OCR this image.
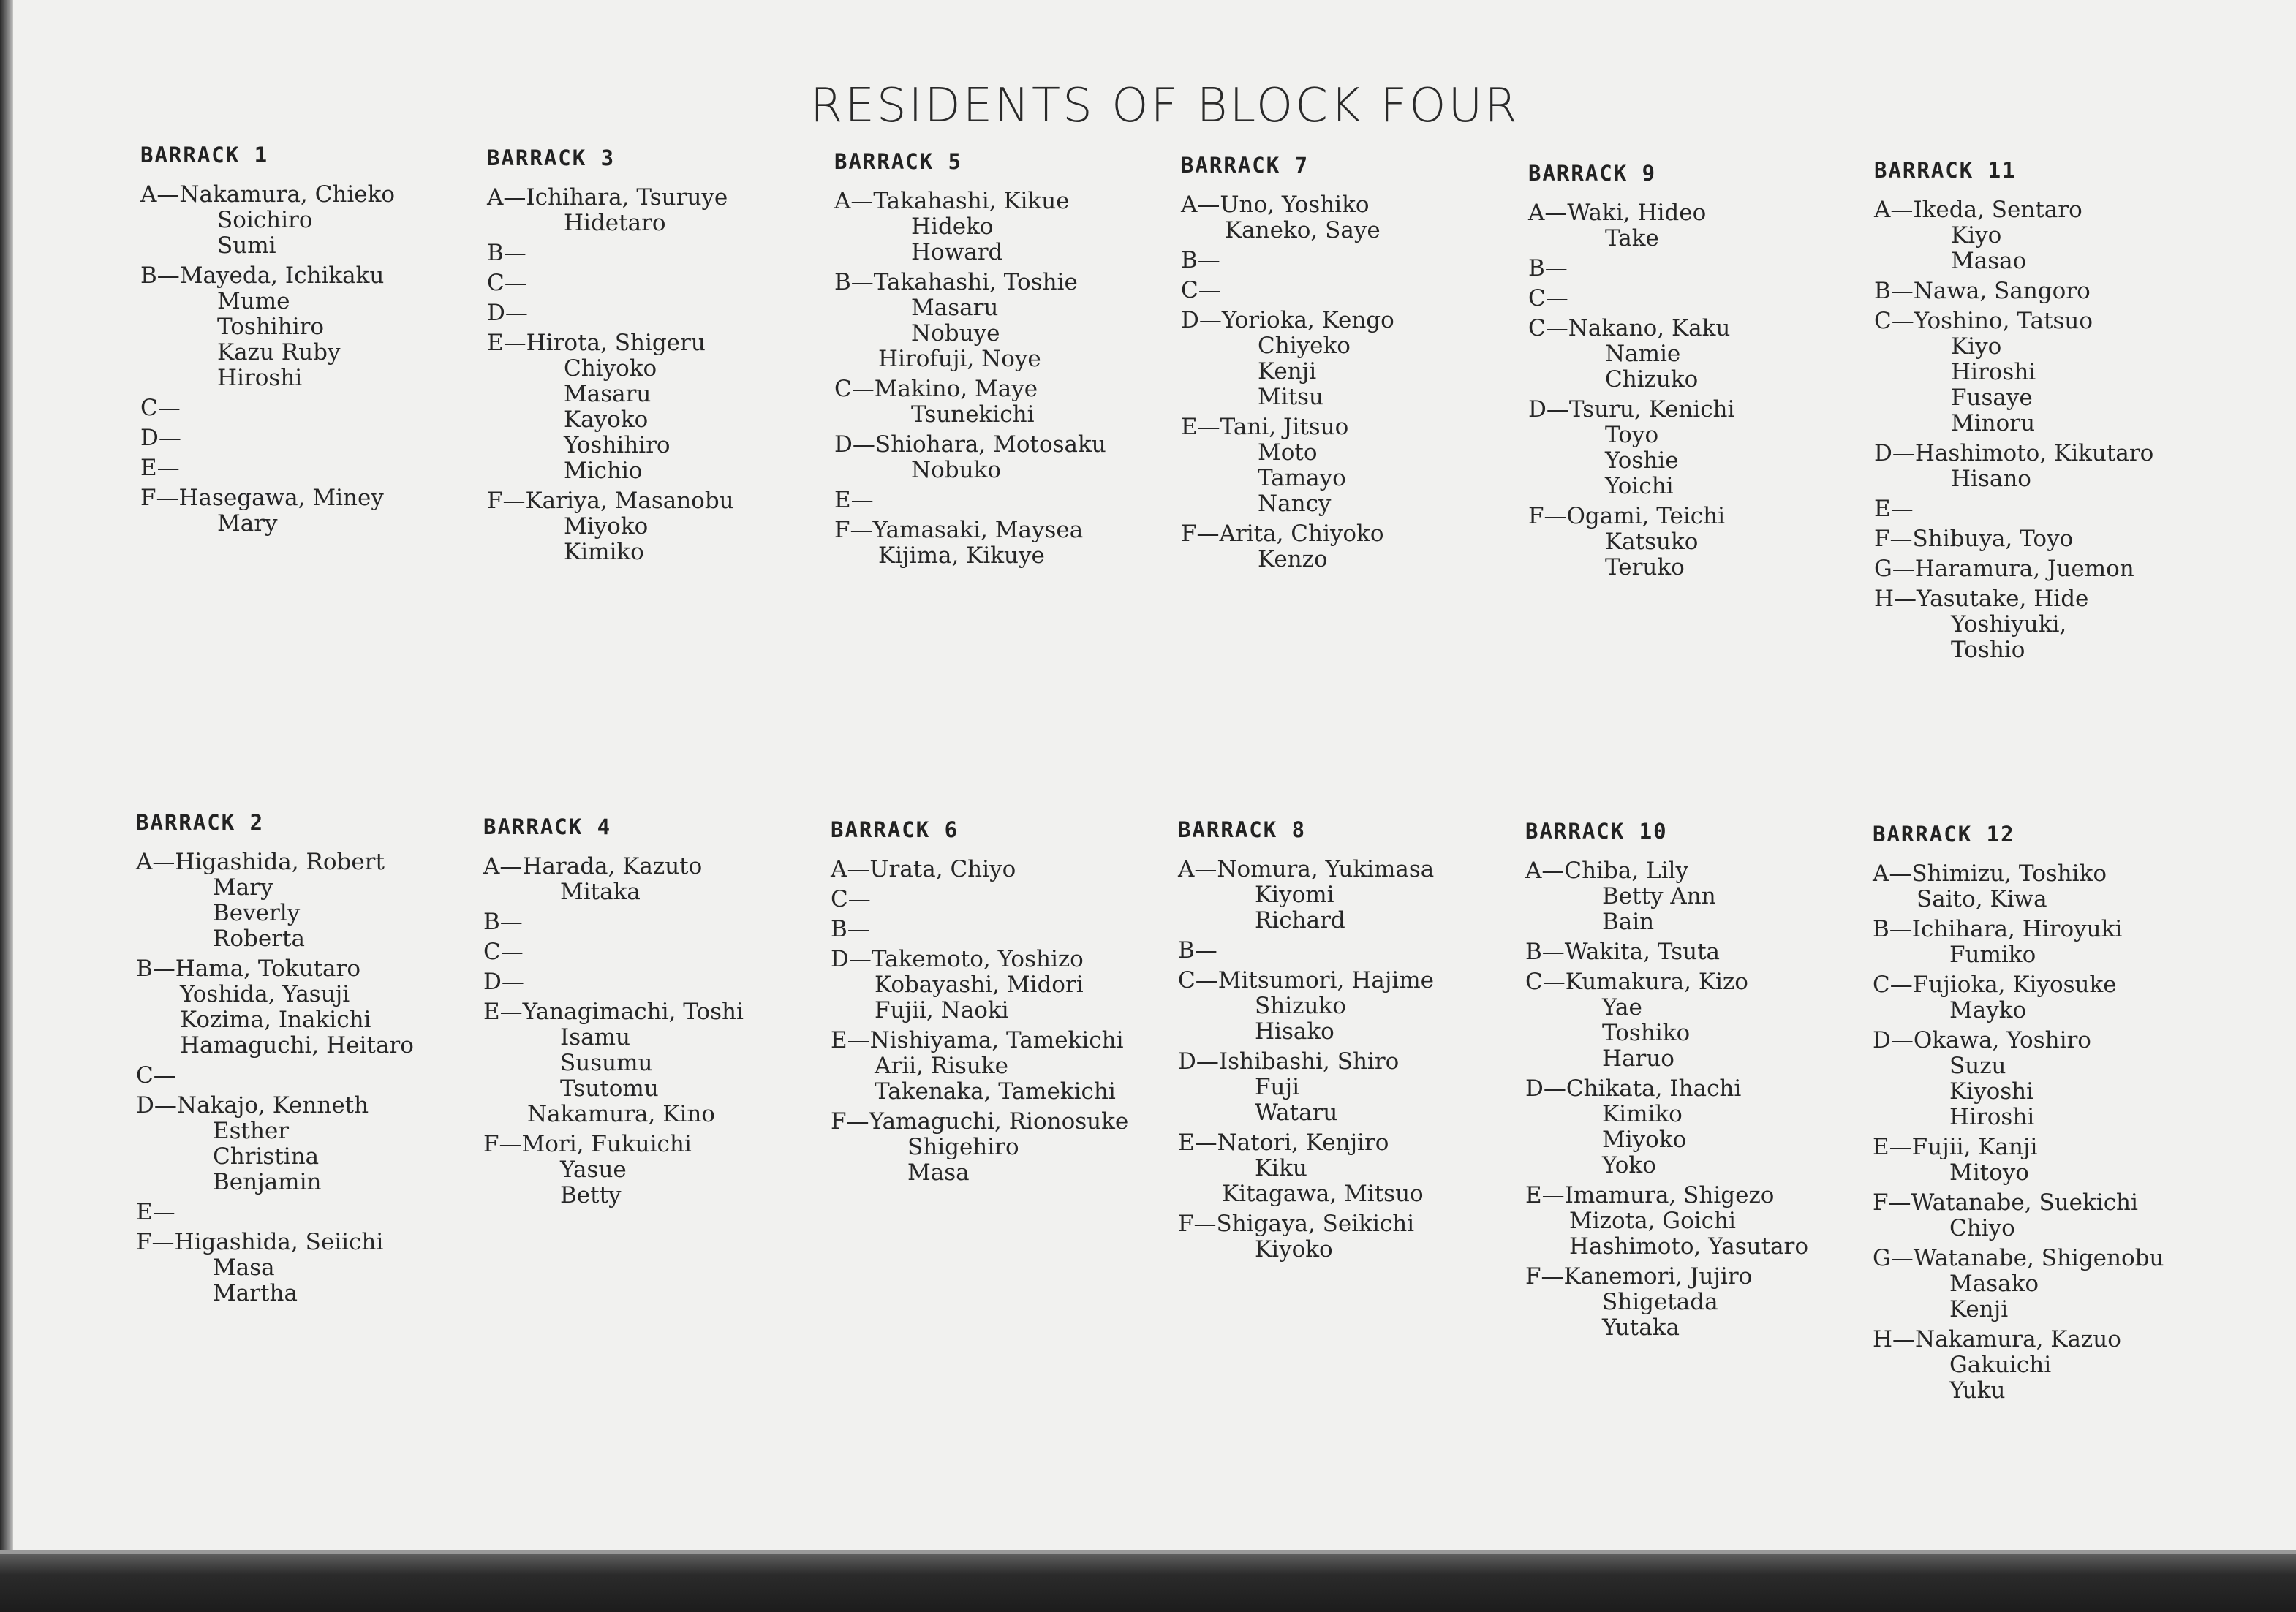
RESIDENTS OF BLOCK FOUR
BARRACK 1
A—Nakamura, Chieko
Soichiro
Sumi
B—Mayeda, Ichikaku
Mume
Toshihiro
Kazu Ruby
Hiroshi
C—
D—
E—
F—Hasegawa, Miney
Mary
BARRACK 3
A—Ichihara, Tsuruye
Hidetaro
B—
C—
D—
E—Hirota, Shigeru
Chiyoko
Masaru
Kayoko
Yoshihiro
Michio
F—Kariya, Masanobu
Miyoko
Kimiko
BARRACK 5
A—Takahashi, Kikue
Hideko
Howard
B—Takahashi, Toshie
Masaru
Nobuye
Hirofuji, Noye
C—Makino, Maye
Tsunekichi
D—Shiohara, Motosaku
Nobuko
E—
F—Yamasaki, Maysea
Kijima, Kikuye
BARRACK 7
A—Uno, Yoshiko
Kaneko, Saye
B—
C—
D—Yorioka, Kengo
Chiyeko
Kenji
Mitsu
E—Tani, Jitsuo
Moto
Tamayo
Nancy
F—Arita, Chiyoko
Kenzo
BARRACK 9
A—Waki, Hideo
Take
B—
C—
C—Nakano, Kaku
Namie
Chizuko
D—Tsuru, Kenichi
Toyo
Yoshie
Yoichi
F—Ogami, Teichi
Katsuko
Teruko
BARRACK 11
A—Ikeda, Sentaro
Kiyo
Masao
B—Nawa, Sangoro
C—Yoshino, Tatsuo
Kiyo
Hiroshi
Fusaye
Minoru
D—Hashimoto, Kikutaro
Hisano
E—
F—Shibuya, Toyo
G—Haramura, Juemon
H—Yasutake, Hide
Yoshiyuki,
Toshio
BARRACK 2
A—Higashida, Robert
Mary
Beverly
Roberta
B—Hama, Tokutaro
Yoshida, Yasuji
Kozima, Inakichi
Hamaguchi, Heitaro
C—
D—Nakajo, Kenneth
Esther
Christina
Benjamin
E—
F—Higashida, Seiichi
Masa
Martha
BARRACK 4
A—Harada, Kazuto
Mitaka
B—
C—
D—
E—Yanagimachi, Toshi
Isamu
Susumu
Tsutomu
Nakamura, Kino
F—Mori, Fukuichi
Yasue
Betty
BARRACK 6
A—Urata, Chiyo
C—
B—
D—Takemoto, Yoshizo
Kobayashi, Midori
Fujii, Naoki
E—Nishiyama, Tamekichi
Arii, Risuke
Takenaka, Tamekichi
F—Yamaguchi, Rionosuke
Shigehiro
Masa
BARRACK 8
A—Nomura, Yukimasa
Kiyomi
Richard
B—
C—Mitsumori, Hajime
Shizuko
Hisako
D—Ishibashi, Shiro
Fuji
Wataru
E—Natori, Kenjiro
Kiku
Kitagawa, Mitsuo
F—Shigaya, Seikichi
Kiyoko
BARRACK 10
A—Chiba, Lily
Betty Ann
Bain
B—Wakita, Tsuta
C—Kumakura, Kizo
Yae
Toshiko
Haruo
D—Chikata, Ihachi
Kimiko
Miyoko
Yoko
E—Imamura, Shigezo
Mizota, Goichi
Hashimoto, Yasutaro
F—Kanemori, Jujiro
Shigetada
Yutaka
BARRACK 12
A—Shimizu, Toshiko
Saito, Kiwa
B—Ichihara, Hiroyuki
Fumiko
C—Fujioka, Kiyosuke
Mayko
D—Okawa, Yoshiro
Suzu
Kiyoshi
Hiroshi
E—Fujii, Kanji
Mitoyo
F—Watanabe, Suekichi
Chiyo
G—Watanabe, Shigenobu
Masako
Kenji
H—Nakamura, Kazuo
Gakuichi
Yuku
